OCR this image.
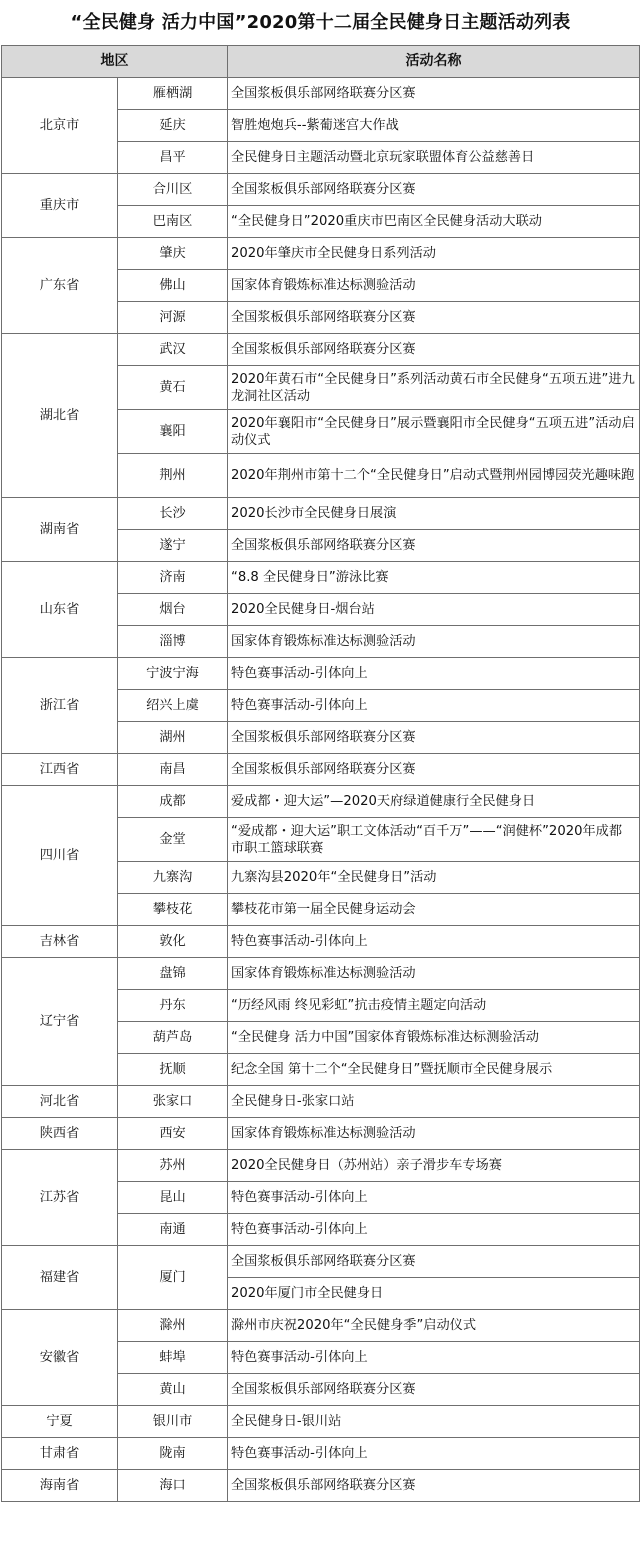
“全民健身 活力中国”2020第十二届全民健身日主题活动列表
地区		活动名称
北京市	雁栖湖	全国浆板俱乐部网络联赛分区赛
	延庆	智胜炮炮兵--紫葡迷宫大作战
	昌平	全民健身日主题活动暨北京玩家联盟体育公益慈善日
重庆市	合川区	全国浆板俱乐部网络联赛分区赛
	巴南区	“全民健身日”2020重庆市巴南区全民健身活动大联动
广东省	肇庆	2020年肇庆市全民健身日系列活动
	佛山	国家体育锻炼标准达标测验活动
	河源	全国浆板俱乐部网络联赛分区赛
湖北省	武汉	全国浆板俱乐部网络联赛分区赛
	黄石	2020年黄石市“全民健身日”系列活动黄石市全民健身“五项五进”进九龙洞社区活动
	襄阳	2020年襄阳市“全民健身日”展示暨襄阳市全民健身“五项五进”活动启动仪式
	荆州	2020年荆州市第十二个“全民健身日”启动式暨荆州园博园荧光趣味跑
湖南省	长沙	2020长沙市全民健身日展演
	遂宁	全国浆板俱乐部网络联赛分区赛
山东省	济南	“8.8 全民健身日”游泳比赛
	烟台	2020全民健身日-烟台站
	淄博	国家体育锻炼标准达标测验活动
浙江省	宁波宁海	特色赛事活动-引体向上
	绍兴上虞	特色赛事活动-引体向上
	湖州	全国浆板俱乐部网络联赛分区赛
江西省	南昌	全国浆板俱乐部网络联赛分区赛
四川省	成都	爱成都・迎大运”—2020天府绿道健康行全民健身日
	金堂	“爱成都・迎大运”职工文体活动“百千万”——“润健杯”2020年成都市职工篮球联赛
	九寨沟	九寨沟县2020年“全民健身日”活动
	攀枝花	攀枝花市第一届全民健身运动会
吉林省	敦化	特色赛事活动-引体向上
辽宁省	盘锦	国家体育锻炼标准达标测验活动
	丹东	“历经风雨 终见彩虹”抗击疫情主题定向活动
	葫芦岛	“全民健身 活力中国”国家体育锻炼标准达标测验活动
	抚顺	纪念全国 第十二个“全民健身日”暨抚顺市全民健身展示
河北省	张家口	全民健身日-张家口站
陕西省	西安	国家体育锻炼标准达标测验活动
江苏省	苏州	2020全民健身日（苏州站）亲子滑步车专场赛
	昆山	特色赛事活动-引体向上
	南通	特色赛事活动-引体向上
福建省	厦门	全国浆板俱乐部网络联赛分区赛
		2020年厦门市全民健身日
安徽省	滁州	滁州市庆祝2020年“全民健身季”启动仪式
	蚌埠	特色赛事活动-引体向上
	黄山	全国浆板俱乐部网络联赛分区赛
宁夏	银川市	全民健身日-银川站
甘肃省	陇南	特色赛事活动-引体向上
海南省	海口	全国浆板俱乐部网络联赛分区赛
